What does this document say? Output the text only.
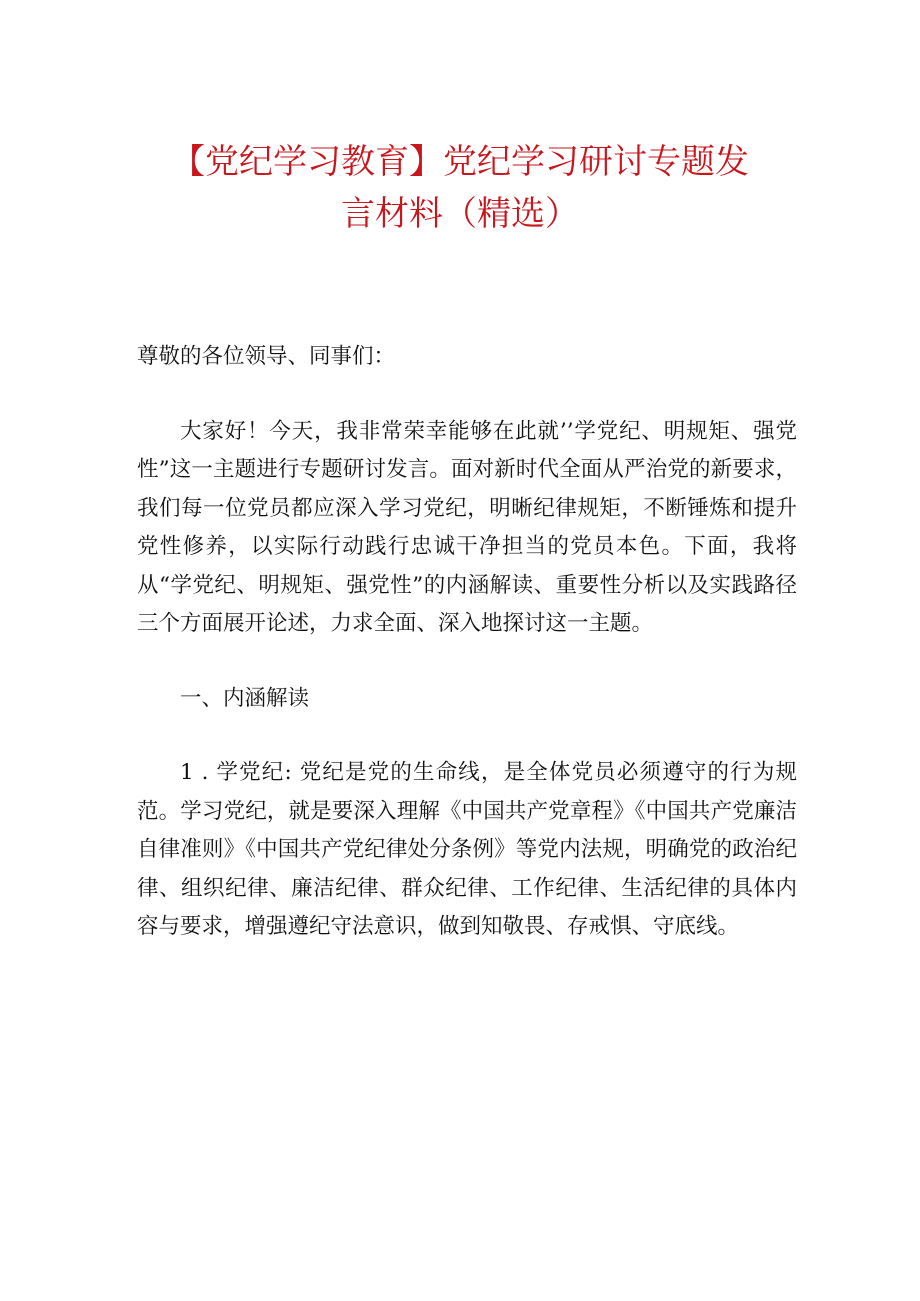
【党纪学习教育】党纪学习研讨专题发
言材料（精选）

尊敬的各位领导、同事们：

大家好！今天，我非常荣幸能够在此就’’学党纪、明规矩、强党性”这一主题进行专题研讨发言。面对新时代全面从严治党的新要求，我们每一位党员都应深入学习党纪，明晰纪律规矩，不断锤炼和提升党性修养，以实际行动践行忠诚干净担当的党员本色。下面，我将从“学党纪、明规矩、强党性”的内涵解读、重要性分析以及实践路径三个方面展开论述，力求全面、深入地探讨这一主题。

一、内涵解读

1 . 学党纪: 党纪是党的生命线，是全体党员必须遵守的行为规范。学习党纪，就是要深入理解《中国共产党章程》《中国共产党廉洁自律准则》《中国共产党纪律处分条例》等党内法规，明确党的政治纪律、组织纪律、廉洁纪律、群众纪律、工作纪律、生活纪律的具体内容与要求，增强遵纪守法意识，做到知敬畏、存戒惧、守底线。
